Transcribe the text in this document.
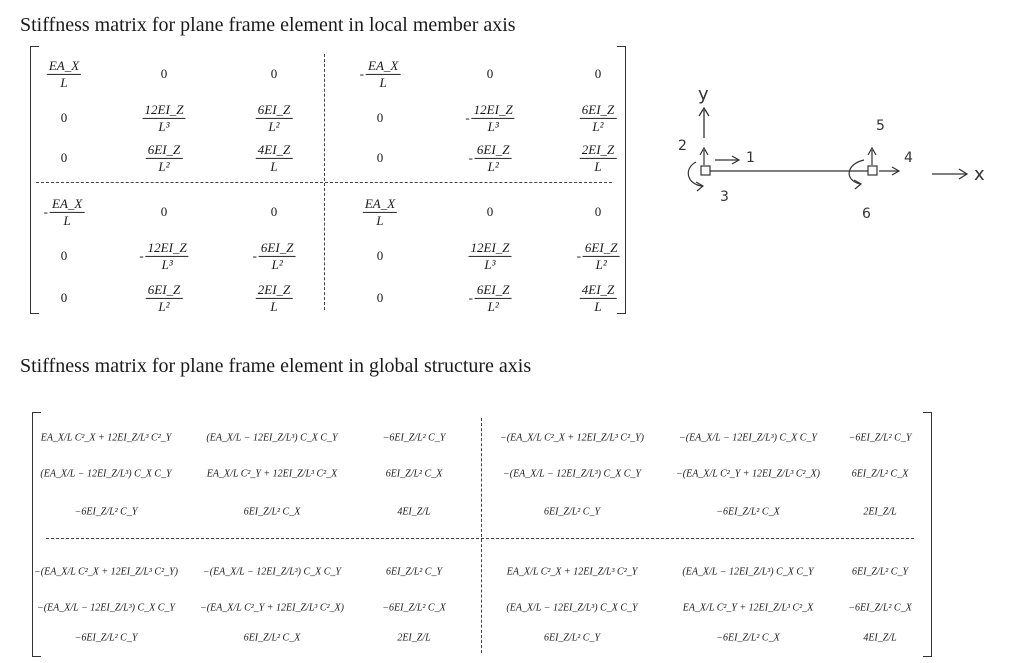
Stiffness matrix for plane frame element in local member axis
$\frac{EA\_X}{L}$	0	0	- $\frac{EA\_X}{L}$	0	0
0	$\frac{12EI\_Z}{\text{L³}}$	$\frac{6EI\_Z}{\text{L²}}$	0	- $\frac{12EI\_Z}{\text{L³}}$	$\frac{6EI\_Z}{\text{L²}}$
0	$\frac{6EI\_Z}{\text{L²}}$	$\frac{4EI\_Z}{L}$	0	- $\frac{6EI\_Z}{\text{L²}}$	$\frac{2EI\_Z}{L}$
- $\frac{EA\_X}{L}$	0	0	$\frac{EA\_X}{L}$	0	0
0	- $\frac{12EI\_Z}{\text{L³}}$	- $\frac{6EI\_Z}{\text{L²}}$	0	$\frac{12EI\_Z}{\text{L³}}$	- $\frac{6EI\_Z}{\text{L²}}$
0	$\frac{6EI\_Z}{\text{L²}}$	$\frac{2EI\_Z}{L}$	0	- $\frac{6EI\_Z}{\text{L²}}$	$\frac{4EI\_Z}{L}$
Stiffness matrix for plane frame element in global structure axis
EA_X/L C²_X + 12EI_Z/L³ C²_Y	(EA_X/L − 12EI_Z/L³) C_X C_Y	−6EI_Z/L² C_Y	−(EA_X/L C²_X + 12EI_Z/L³ C²_Y)	−(EA_X/L − 12EI_Z/L³) C_X C_Y	−6EI_Z/L² C_Y
(EA_X/L − 12EI_Z/L³) C_X C_Y	EA_X/L C²_Y + 12EI_Z/L³ C²_X	6EI_Z/L² C_X	−(EA_X/L − 12EI_Z/L³) C_X C_Y	−(EA_X/L C²_Y + 12EI_Z/L³ C²_X)	6EI_Z/L² C_X
−6EI_Z/L² C_Y	6EI_Z/L² C_X	4EI_Z/L	6EI_Z/L² C_Y	−6EI_Z/L² C_X	2EI_Z/L
−(EA_X/L C²_X + 12EI_Z/L³ C²_Y)	−(EA_X/L − 12EI_Z/L³) C_X C_Y	6EI_Z/L² C_Y	EA_X/L C²_X + 12EI_Z/L³ C²_Y	(EA_X/L − 12EI_Z/L³) C_X C_Y	6EI_Z/L² C_Y
−(EA_X/L − 12EI_Z/L³) C_X C_Y	−(EA_X/L C²_Y + 12EI_Z/L³ C²_X)	−6EI_Z/L² C_X	(EA_X/L − 12EI_Z/L³) C_X C_Y	EA_X/L C²_Y + 12EI_Z/L³ C²_X	−6EI_Z/L² C_X
−6EI_Z/L² C_Y	6EI_Z/L² C_X	2EI_Z/L	6EI_Z/L² C_Y	−6EI_Z/L² C_X	4EI_Z/L
y
2
1
3
5
4
6
x
